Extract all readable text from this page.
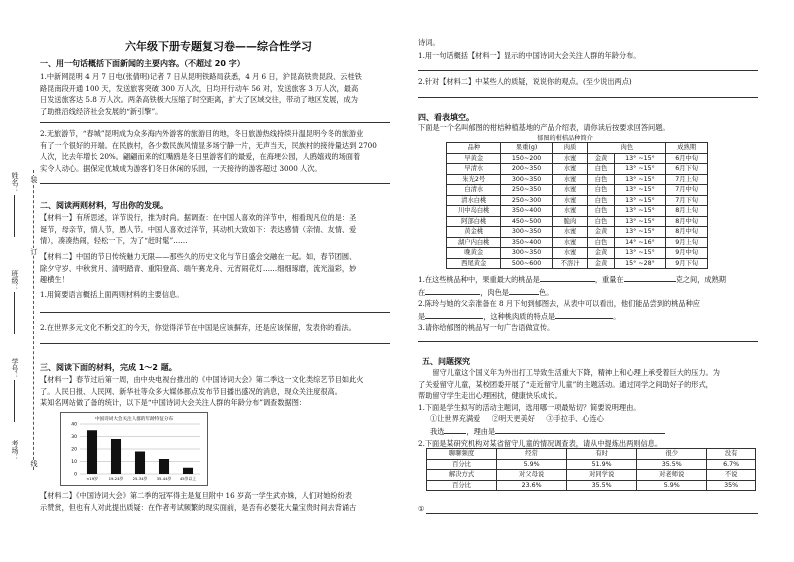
姓名：
班级：
学号：
考场：
装
订
线
六年级下册专题复习卷——综合性学习
一、用一句话概括下面新闻的主要内容。（不超过 20 字）
1.中新网昆明 4 月 7 日电(张倩明)记者 7 日从昆明铁路局获悉，4 月 6 日，沪昆高铁贵昆段、云桂铁
路昆南段开通 100 天，发送旅客突破 300 万人次，日均开行动车 56 对，发送旅客 3 万人次，最高
日发送旅客达 5.8 万人次。两条高铁极大压缩了时空距离，扩大了区域交往，带动了地区发展，成为
了助推沿线经济社会发展的“新引擎”。
2.无旅游节，“春城”昆明成为众多海内外游客的旅游目的地，冬日旅游热线持续升温昆明今冬的旅游业
有了一个很好的开端。在民族村，各少数民族风情显多场宁静一片，无声当天，民族村的接待量达到 2700
人次，比去年增长 20%。翩翩而来的红嘴鸥是冬日里游客们的最爱，在海埂公园，人鸥嬉戏的场面着
实令人动心。据保定优城成为游客们冬日休闲的乐园，一天接待的游客超过 3000 人次。
二、阅读两则材料，写出你的发现。
【材料一】有所思述，详节说行，推为时尚。据调查：在中国人喜欢的洋节中，相看现凡位的是：圣
诞节，母亲节，情人节，愚人节。中国人喜欢过洋节，其动机大致如下：表达感情（亲情、友情、爱
情），凑凑热闹，轻松一下，为了“赶时髦”……
【材料二】中国的节日传统魅力无限——那些久的历史文化与节日盛会交融在一起。如，春节团圆、
除夕守岁、中秋赏月、清明踏青、重阳登高、端午赛龙舟、元宵闹花灯……细细琢磨，流光溢彩，妙
趣横生！
1.用简要语言概括上面两则材料的主要信息。
2.在世界多元文化不断交汇的今天，你觉得洋节在中国是应该摒弃，还是应该保留，发表你的看法。
三、阅读下面的材料，完成 1～2 题。
【材料一】春节过后第一周，由中央电视台推出的《中国诗词大会》第二季这一文化类综艺节目如此火
了。人民日报、人民网、新华社等众多大媒体都点发布节目播出盛况的消息，现众关注度很高。
某知名网站做了备的统计，以下是“中国诗词大会关注人群的年龄分布”调查数据图：
中国诗词大会关注人群的年龄特征分布
40
30
20
10
0
<19岁	19-24岁 25-34岁 35-44岁 45岁以上
【材料二】《中国诗词大会》第二季的冠军得主是复旦附中 16 岁高一学生武亦姝，人们对她纷纷表
示赞赏，但也有人对此提出质疑：在作者考试频繁的现实面前，是否有必要花大量宝贵时间去背诵古
诗词。
1.用一句话概括【材料一】显示的中国诗词大会关注人群的年龄分布。
2.针对【材料二】中某些人的质疑，说说你的观点。(至少说出两点)
四、看表填空。
下面是一个名叫郁图的柑桔种植基地的产品介绍表，请你读后按要求回答问题。
郁图的柑桔品种简介
品种	果重(g)	肉质	肉色		成熟期
早黄金	150~200	水蜜	金黄	13° ~15°	6月中旬
早清水	200~350	水蜜	白色	13° ~15°	6月下旬
朱光2号	300~350	水蜜	白色	13° ~15°	7月上旬
白清水	250~350	水蜜	白色	13° ~15°	7月中旬
清水白桃	250~300	水蜜	白色	13° ~15°	7月下旬
川中岛白桃	350~400	水蜜	白色	13° ~15°	8月上旬
阿部白桃	450~500	脆肉	白色	13° ~15°	8月中旬
黄金桃	300~350	水蜜	金黄	13° ~15°	8月中旬
湖户内白桃	350~400	水蜜	白色	14° ~16°	9月上旬
晚黄金	300~350	水蜜	金黄	13° ~15°	9月中旬
西尾黄金	500~600	不溶汁	金黄	15° ~28°	9月下旬
1.在这些桃品种中，果重最大的桃品是	，重量在	克之间，成熟期
在	，肉色是	色。
2.陈玲与她的父亲准备在 8 月下旬到郁图去，从表中可以看出，他们能品尝到的桃品种应
是	，这种桃肉质的特点是	。
3.请你给郁图的桃品写一句广告语做宣传。
五、问题探究
留守儿童这个国义年为外出打工导致生活重大下降，精神上和心理上承受着巨大的压力。为
了关爱留守儿童，某校团委开展了“走近留守儿童”的主题活动。通过同学之间助好子的形式，
帮助留守学生走出心理困扰，健康快乐成长。
1.下面是学生拟写的活动主题词，选用哪一项最贴切？简要说明理由。
①让世界充满爱 ②明天更美好 ③手拉手、心连心
我选	，理由是
2.下面是某研究机构对某省留守儿童的情况调查表，请从中提炼出两则信息。
聊聊频度	经常	有时	很少	没有
百分比	5.9%	51.9%	35.5%	6.7%
解决方式	对父母说	对同学说	对老师说	不说
百分比	23.6%	35.5%	5.9%	35%
①
